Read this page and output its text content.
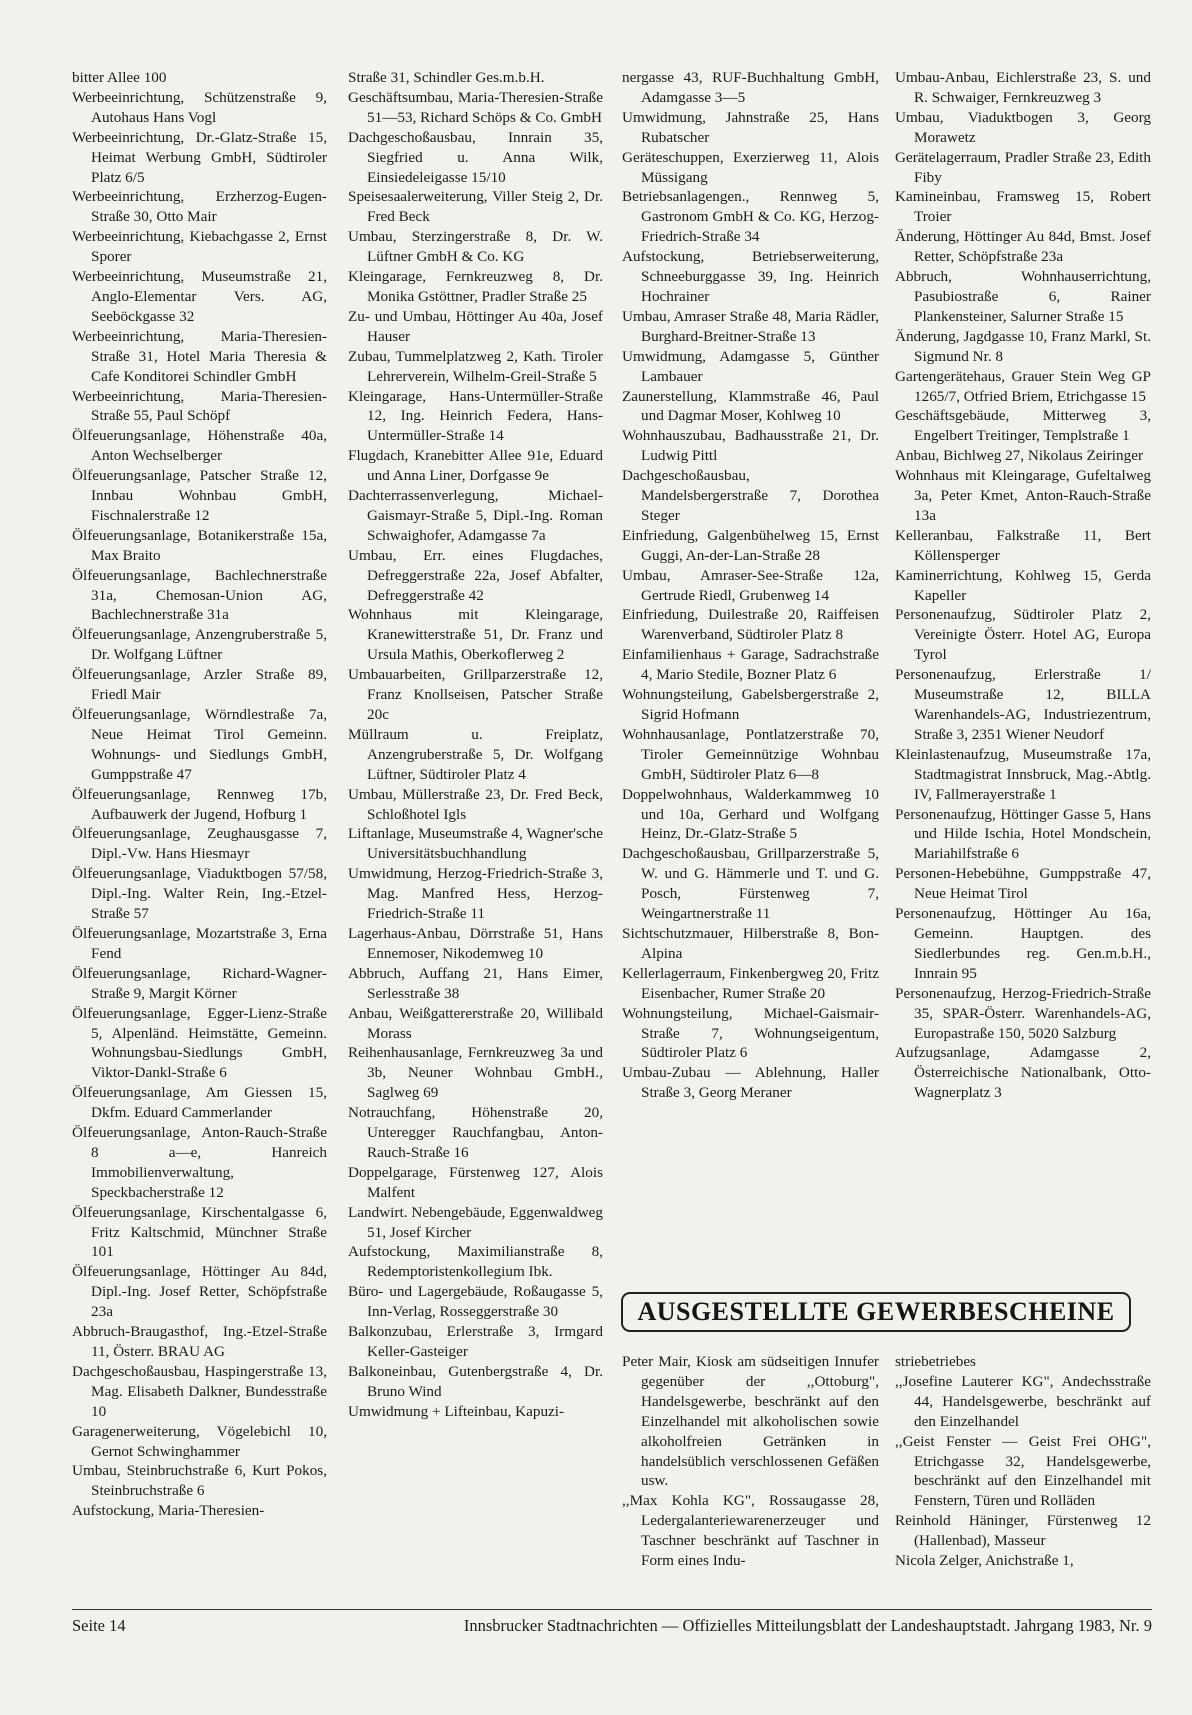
bitter Allee 100

Werbeeinrichtung, Schützenstraße 9, Autohaus Hans Vogl

Werbeeinrichtung, Dr.-Glatz-Straße 15, Heimat Werbung GmbH, Südtiroler Platz 6/5

Werbeeinrichtung, Erzherzog-Eugen-Straße 30, Otto Mair

Werbeeinrichtung, Kiebachgasse 2, Ernst Sporer

Werbeeinrichtung, Museumstraße 21, Anglo-Elementar Vers. AG, Seeböckgasse 32

Werbeeinrichtung, Maria-Theresien-Straße 31, Hotel Maria Theresia & Cafe Konditorei Schindler GmbH

Werbeeinrichtung, Maria-Theresien-Straße 55, Paul Schöpf

Ölfeuerungsanlage, Höhenstraße 40a, Anton Wechselberger

Ölfeuerungsanlage, Patscher Straße 12, Innbau Wohnbau GmbH, Fischnalerstraße 12

Ölfeuerungsanlage, Botanikerstraße 15a, Max Braito

Ölfeuerungsanlage, Bachlechnerstraße 31a, Chemosan-Union AG, Bachlechnerstraße 31a

Ölfeuerungsanlage, Anzengruberstraße 5, Dr. Wolfgang Lüftner

Ölfeuerungsanlage, Arzler Straße 89, Friedl Mair

Ölfeuerungsanlage, Wörndlestraße 7a, Neue Heimat Tirol Gemeinn. Wohnungs- und Siedlungs GmbH, Gumppstraße 47

Ölfeuerungsanlage, Rennweg 17b, Aufbauwerk der Jugend, Hofburg 1

Ölfeuerungsanlage, Zeughausgasse 7, Dipl.-Vw. Hans Hiesmayr

Ölfeuerungsanlage, Viaduktbogen 57/58, Dipl.-Ing. Walter Rein, Ing.-Etzel-Straße 57

Ölfeuerungsanlage, Mozartstraße 3, Erna Fend

Ölfeuerungsanlage, Richard-Wagner-Straße 9, Margit Körner

Ölfeuerungsanlage, Egger-Lienz-Straße 5, Alpenländ. Heimstätte, Gemeinn. Wohnungsbau-Siedlungs GmbH, Viktor-Dankl-Straße 6

Ölfeuerungsanlage, Am Giessen 15, Dkfm. Eduard Cammerlander

Ölfeuerungsanlage, Anton-Rauch-Straße 8 a—e, Hanreich Immobilienverwaltung, Speckbacherstraße 12

Ölfeuerungsanlage, Kirschentalgasse 6, Fritz Kaltschmid, Münchner Straße 101

Ölfeuerungsanlage, Höttinger Au 84d, Dipl.-Ing. Josef Retter, Schöpfstraße 23a

Abbruch-Braugasthof, Ing.-Etzel-Straße 11, Österr. BRAU AG

Dachgeschoßausbau, Haspingerstraße 13, Mag. Elisabeth Dalkner, Bundesstraße 10

Garagenerweiterung, Vögelebichl 10, Gernot Schwinghammer

Umbau, Steinbruchstraße 6, Kurt Pokos, Steinbruchstraße 6

Aufstockung, Maria-Theresien-

Straße 31, Schindler Ges.m.b.H.

Geschäftsumbau, Maria-Theresien-Straße 51—53, Richard Schöps & Co. GmbH

Dachgeschoßausbau, Innrain 35, Siegfried u. Anna Wilk, Einsiedeleigasse 15/10

Speisesaalerweiterung, Viller Steig 2, Dr. Fred Beck

Umbau, Sterzingerstraße 8, Dr. W. Lüftner GmbH & Co. KG

Kleingarage, Fernkreuzweg 8, Dr. Monika Gstöttner, Pradler Straße 25

Zu- und Umbau, Höttinger Au 40a, Josef Hauser

Zubau, Tummelplatzweg 2, Kath. Tiroler Lehrerverein, Wilhelm-Greil-Straße 5

Kleingarage, Hans-Untermüller-Straße 12, Ing. Heinrich Federa, Hans-Untermüller-Straße 14

Flugdach, Kranebitter Allee 91e, Eduard und Anna Liner, Dorfgasse 9e

Dachterrassenverlegung, Michael-Gaismayr-Straße 5, Dipl.-Ing. Roman Schwaighofer, Adamgasse 7a

Umbau, Err. eines Flugdaches, Defreggerstraße 22a, Josef Abfalter, Defreggerstraße 42

Wohnhaus mit Kleingarage, Kranewitterstraße 51, Dr. Franz und Ursula Mathis, Oberkoflerweg 2

Umbauarbeiten, Grillparzerstraße 12, Franz Knollseisen, Patscher Straße 20c

Müllraum u. Freiplatz, Anzengruberstraße 5, Dr. Wolfgang Lüftner, Südtiroler Platz 4

Umbau, Müllerstraße 23, Dr. Fred Beck, Schloßhotel Igls

Liftanlage, Museumstraße 4, Wagner'sche Universitätsbuchhandlung

Umwidmung, Herzog-Friedrich-Straße 3, Mag. Manfred Hess, Herzog-Friedrich-Straße 11

Lagerhaus-Anbau, Dörrstraße 51, Hans Ennemoser, Nikodemweg 10

Abbruch, Auffang 21, Hans Eimer, Serlesstraße 38

Anbau, Weißgattererstraße 20, Willibald Morass

Reihenhausanlage, Fernkreuzweg 3a und 3b, Neuner Wohnbau GmbH., Saglweg 69

Notrauchfang, Höhenstraße 20, Unteregger Rauchfangbau, Anton-Rauch-Straße 16

Doppelgarage, Fürstenweg 127, Alois Malfent

Landwirt. Nebengebäude, Eggenwaldweg 51, Josef Kircher

Aufstockung, Maximilianstraße 8, Redemptoristenkollegium Ibk.

Büro- und Lagergebäude, Roßaugasse 5, Inn-Verlag, Rosseggerstraße 30

Balkonzubau, Erlerstraße 3, Irmgard Keller-Gasteiger

Balkoneinbau, Gutenbergstraße 4, Dr. Bruno Wind

Umwidmung + Lifteinbau, Kapuzi-

nergasse 43, RUF-Buchhaltung GmbH, Adamgasse 3—5

Umwidmung, Jahnstraße 25, Hans Rubatscher

Geräteschuppen, Exerzierweg 11, Alois Müssigang

Betriebsanlagengen., Rennweg 5, Gastronom GmbH & Co. KG, Herzog-Friedrich-Straße 34

Aufstockung, Betriebserweiterung, Schneeburggasse 39, Ing. Heinrich Hochrainer

Umbau, Amraser Straße 48, Maria Rädler, Burghard-Breitner-Straße 13

Umwidmung, Adamgasse 5, Günther Lambauer

Zaunerstellung, Klammstraße 46, Paul und Dagmar Moser, Kohlweg 10

Wohnhauszubau, Badhausstraße 21, Dr. Ludwig Pittl

Dachgeschoßausbau, Mandelsbergerstraße 7, Dorothea Steger

Einfriedung, Galgenbühelweg 15, Ernst Guggi, An-der-Lan-Straße 28

Umbau, Amraser-See-Straße 12a, Gertrude Riedl, Grubenweg 14

Einfriedung, Duilestraße 20, Raiffeisen Warenverband, Südtiroler Platz 8

Einfamilienhaus + Garage, Sadrachstraße 4, Mario Stedile, Bozner Platz 6

Wohnungsteilung, Gabelsbergerstraße 2, Sigrid Hofmann

Wohnhausanlage, Pontlatzerstraße 70, Tiroler Gemeinnützige Wohnbau GmbH, Südtiroler Platz 6—8

Doppelwohnhaus, Walderkammweg 10 und 10a, Gerhard und Wolfgang Heinz, Dr.-Glatz-Straße 5

Dachgeschoßausbau, Grillparzerstraße 5, W. und G. Hämmerle und T. und G. Posch, Fürstenweg 7, Weingartnerstraße 11

Sichtschutzmauer, Hilberstraße 8, Bon-Alpina

Kellerlagerraum, Finkenbergweg 20, Fritz Eisenbacher, Rumer Straße 20

Wohnungsteilung, Michael-Gaismair-Straße 7, Wohnungseigentum, Südtiroler Platz 6

Umbau-Zubau — Ablehnung, Haller Straße 3, Georg Meraner

Umbau-Anbau, Eichlerstraße 23, S. und R. Schwaiger, Fernkreuzweg 3

Umbau, Viaduktbogen 3, Georg Morawetz

Gerätelagerraum, Pradler Straße 23, Edith Fiby

Kamineinbau, Framsweg 15, Robert Troier

Änderung, Höttinger Au 84d, Bmst. Josef Retter, Schöpfstraße 23a

Abbruch, Wohnhauserrichtung, Pasubiostraße 6, Rainer Plankensteiner, Salurner Straße 15

Änderung, Jagdgasse 10, Franz Markl, St. Sigmund Nr. 8

Gartengerätehaus, Grauer Stein Weg GP 1265/7, Otfried Briem, Etrichgasse 15

Geschäftsgebäude, Mitterweg 3, Engelbert Treitinger, Templstraße 1

Anbau, Bichlweg 27, Nikolaus Zeiringer

Wohnhaus mit Kleingarage, Gufeltalweg 3a, Peter Kmet, Anton-Rauch-Straße 13a

Kelleranbau, Falkstraße 11, Bert Köllensperger

Kaminerrichtung, Kohlweg 15, Gerda Kapeller

Personenaufzug, Südtiroler Platz 2, Vereinigte Österr. Hotel AG, Europa Tyrol

Personenaufzug, Erlerstraße 1/ Museumstraße 12, BILLA Warenhandels-AG, Industriezentrum, Straße 3, 2351 Wiener Neudorf

Kleinlastenaufzug, Museumstraße 17a, Stadtmagistrat Innsbruck, Mag.-Abtlg. IV, Fallmerayerstraße 1

Personenaufzug, Höttinger Gasse 5, Hans und Hilde Ischia, Hotel Mondschein, Mariahilfstraße 6

Personen-Hebebühne, Gumppstraße 47, Neue Heimat Tirol

Personenaufzug, Höttinger Au 16a, Gemeinn. Hauptgen. des Siedlerbundes reg. Gen.m.b.H., Innrain 95

Personenaufzug, Herzog-Friedrich-Straße 35, SPAR-Österr. Warenhandels-AG, Europastraße 150, 5020 Salzburg

Aufzugsanlage, Adamgasse 2, Österreichische Nationalbank, Otto-Wagnerplatz 3

AUSGESTELLTE GEWERBESCHEINE

Peter Mair, Kiosk am südseitigen Innufer gegenüber der ,,Ottoburg", Handelsgewerbe, beschränkt auf den Einzelhandel mit alkoholischen sowie alkoholfreien Getränken in handelsüblich verschlossenen Gefäßen usw.

,,Max Kohla KG", Rossaugasse 28, Ledergalanteriewarenerzeuger und Taschner beschränkt auf Taschner in Form eines Indu-

striebetriebes

,,Josefine Lauterer KG", Andechsstraße 44, Handelsgewerbe, beschränkt auf den Einzelhandel

,,Geist Fenster — Geist Frei OHG", Etrichgasse 32, Handelsgewerbe, beschränkt auf den Einzelhandel mit Fenstern, Türen und Rolläden

Reinhold Häninger, Fürstenweg 12 (Hallenbad), Masseur

Nicola Zelger, Anichstraße 1,

Seite 14	Innsbrucker Stadtnachrichten — Offizielles Mitteilungsblatt der Landeshauptstadt. Jahrgang 1983, Nr. 9
